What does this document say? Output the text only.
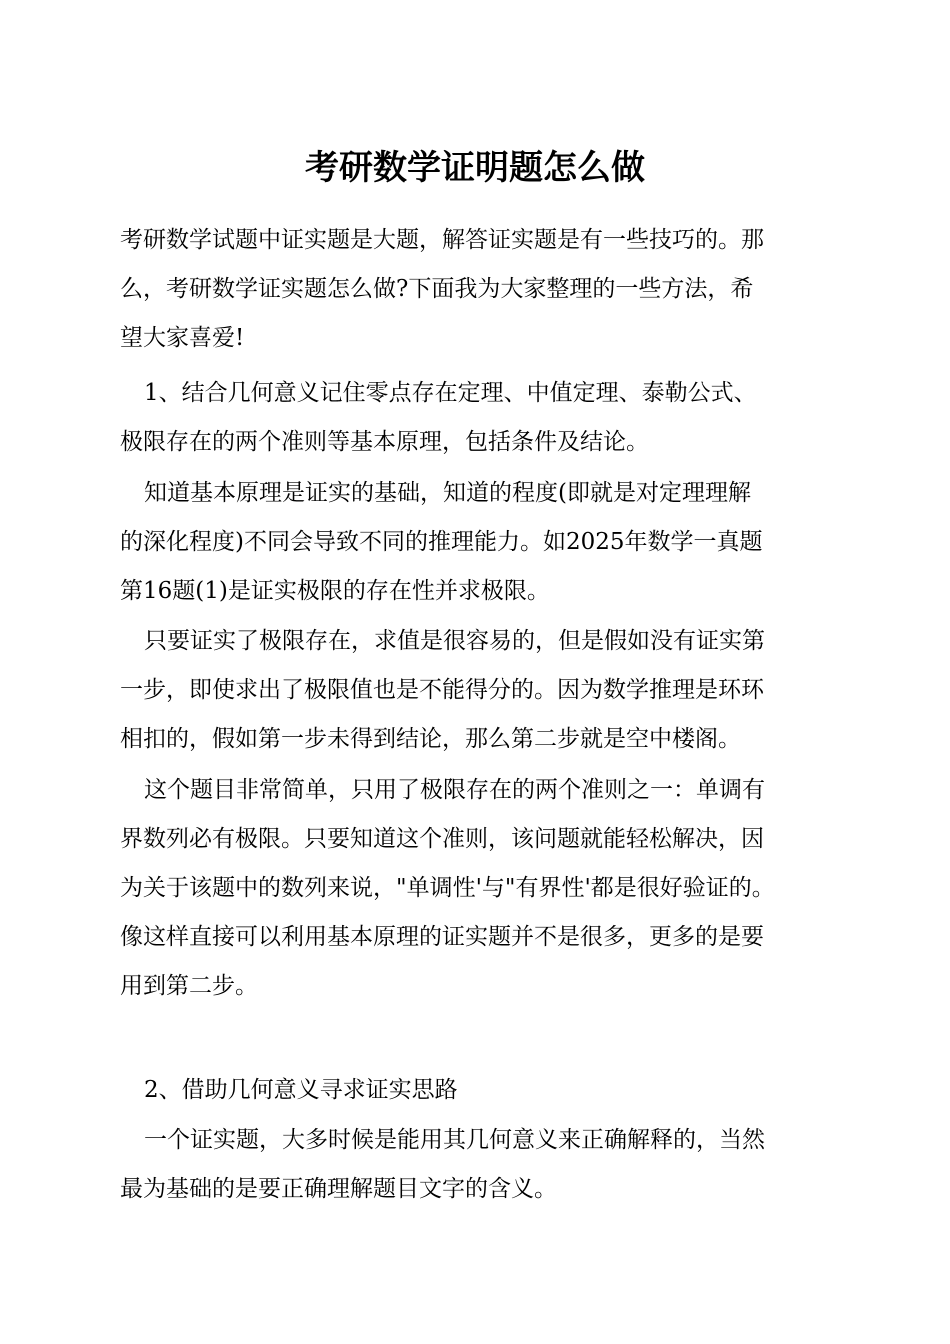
考研数学证明题怎么做
考研数学试题中证实题是大题，解答证实题是有一些技巧的。那
么，考研数学证实题怎么做?下面我为大家整理的一些方法，希
望大家喜爱!
1、结合几何意义记住零点存在定理、中值定理、泰勒公式、
极限存在的两个准则等基本原理，包括条件及结论。
知道基本原理是证实的基础，知道的程度(即就是对定理理解
的深化程度)不同会导致不同的推理能力。如2025年数学一真题
第16题(1)是证实极限的存在性并求极限。
只要证实了极限存在，求值是很容易的，但是假如没有证实第
一步，即使求出了极限值也是不能得分的。因为数学推理是环环
相扣的，假如第一步未得到结论，那么第二步就是空中楼阁。
这个题目非常简单，只用了极限存在的两个准则之一：单调有
界数列必有极限。只要知道这个准则，该问题就能轻松解决，因
为关于该题中的数列来说，"单调性'与"有界性'都是很好验证的。
像这样直接可以利用基本原理的证实题并不是很多，更多的是要
用到第二步。
2、借助几何意义寻求证实思路
一个证实题，大多时候是能用其几何意义来正确解释的，当然
最为基础的是要正确理解题目文字的含义。
